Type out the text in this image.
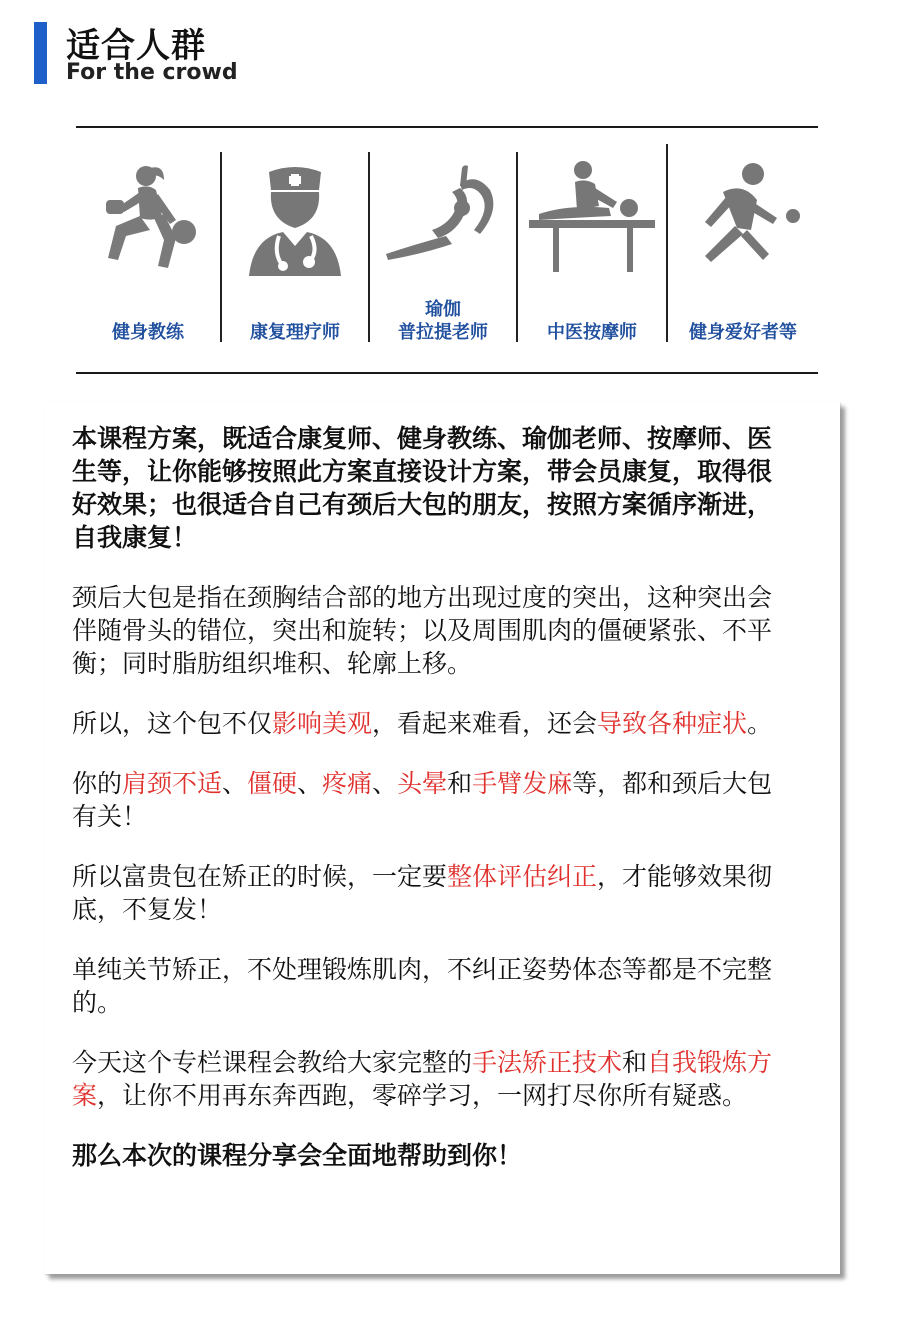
适合人群
For the crowd
健身教练	康复理疗师
瑜伽
普拉提老师	中医按摩师	健身爱好者等

本课程方案，既适合康复师、健身教练、瑜伽老师、按摩师、医生等，让你能够按照此方案直接设计方案，带会员康复，取得很好效果；也很适合自己有颈后大包的朋友，按照方案循序渐进，自我康复！

颈后大包是指在颈胸结合部的地方出现过度的突出，这种突出会伴随骨头的错位，突出和旋转；以及周围肌肉的僵硬紧张、不平衡；同时脂肪组织堆积、轮廓上移。

所以，这个包不仅影响美观，看起来难看，还会导致各种症状。

你的肩颈不适、僵硬、疼痛、头晕和手臂发麻等，都和颈后大包有关！

所以富贵包在矫正的时候，一定要整体评估纠正，才能够效果彻底，不复发！

单纯关节矫正，不处理锻炼肌肉，不纠正姿势体态等都是不完整的。

今天这个专栏课程会教给大家完整的手法矫正技术和自我锻炼方案，让你不用再东奔西跑，零碎学习，一网打尽你所有疑惑。

那么本次的课程分享会全面地帮助到你！
